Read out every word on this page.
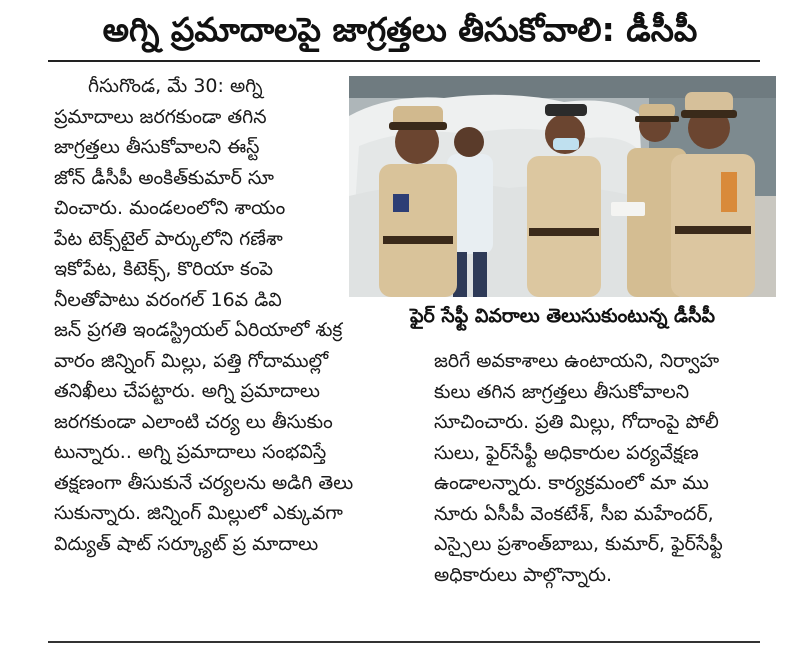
అగ్ని ప్రమాదాలపై జాగ్రత్తలు తీసుకోవాలి: డీసీపీ
గీసుగొండ, మే 30: అగ్ని
ప్రమాదాలు జరగకుండా తగిన
జాగ్రత్తలు తీసుకోవాలని ఈస్ట్
జోన్ డీసీపీ అంకిత్‌కుమార్ సూ
చించారు. మండలంలోని శాయం
పేట టెక్స్‌టైల్ పార్కులోని గణేశా
ఇకోపేట, కిటెక్స్, కొరియా కంపె
నీలతోపాటు వరంగల్ 16వ డివి
జన్ ప్రగతి ఇండస్ట్రియల్ ఏరియాలో శుక్ర
వారం జిన్నింగ్ మిల్లు, పత్తి గోదాముల్లో
తనిఖీలు చేపట్టారు. అగ్ని ప్రమాదాలు
జరగకుండా ఎలాంటి చర్య లు తీసుకుం
టున్నారు.. అగ్ని ప్రమాదాలు సంభవిస్తే
తక్షణంగా తీసుకునే చర్యలను అడిగి తెలు
సుకున్నారు. జిన్నింగ్ మిల్లులో ఎక్కువగా
విద్యుత్ షాట్ సర్క్యూట్ ప్ర మాదాలు
ఫైర్ సేఫ్టీ వివరాలు తెలుసుకుంటున్న డీసీపీ
జరిగే అవకాశాలు ఉంటాయని, నిర్వాహ
కులు తగిన జాగ్రత్తలు తీసుకోవాలని
సూచించారు. ప్రతి మిల్లు, గోదాంపై పోలీ
సులు, ఫైర్‌సేఫ్టీ అధికారుల పర్యవేక్షణ
ఉండాలన్నారు. కార్యక్రమంలో మా ము
నూరు ఏసీపీ వెంకటేశ్, సీఐ మహేందర్,
ఎస్సైలు ప్రశాంత్‌బాబు, కుమార్, ఫైర్‌సేఫ్టీ
అధికారులు పాల్గొన్నారు.
